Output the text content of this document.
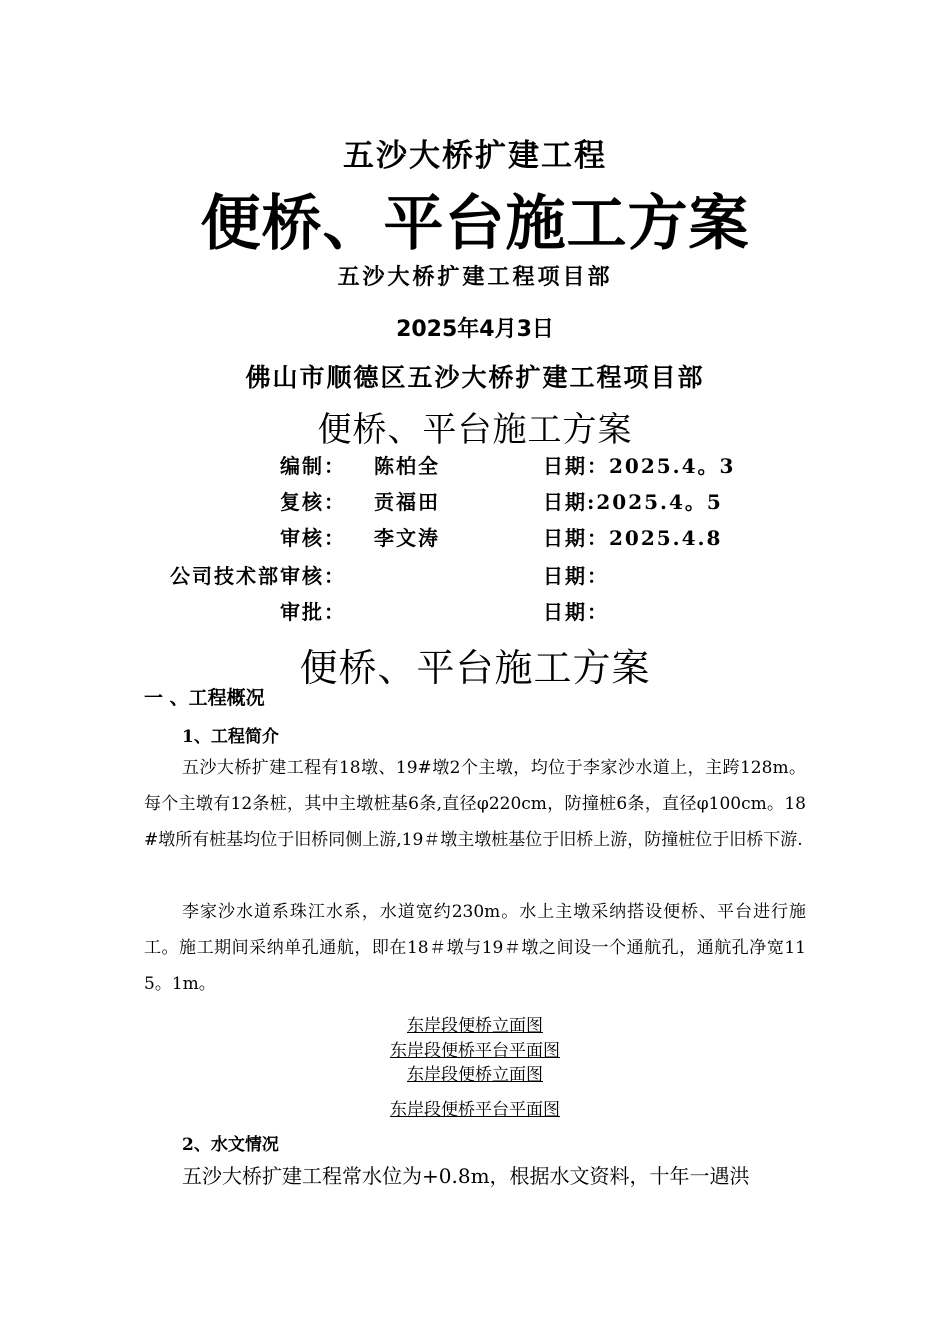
五沙大桥扩建工程
便桥、平台施工方案
五沙大桥扩建工程项目部
2025年4月3日
佛山市顺德区五沙大桥扩建工程项目部
便桥、平台施工方案
编制： 陈柏全	日期：2025.4。3
复核： 贡福田	日期:2025.4。5
审核： 李文涛	日期：2025.4.8
公司技术部审核：	日期：
审批：	日期：
便桥、平台施工方案
一 、工程概况
1、工程简介

五沙大桥扩建工程有18墩、19#墩2个主墩，均位于李家沙水道上，主跨128m。每个主墩有12条桩，其中主墩桩基6条,直径φ220cm，防撞桩6条，直径φ100cm。18#墩所有桩基均位于旧桥同侧上游,19＃墩主墩桩基位于旧桥上游，防撞桩位于旧桥下游.

李家沙水道系珠江水系，水道宽约230m。水上主墩采纳搭设便桥、平台进行施工。施工期间采纳单孔通航，即在18＃墩与19＃墩之间设一个通航孔，通航孔净宽115。1m。

东岸段便桥立面图
东岸段便桥平台平面图
东岸段便桥立面图
东岸段便桥平台平面图
2、水文情况

五沙大桥扩建工程常水位为+0.8m，根据水文资料，十年一遇洪
